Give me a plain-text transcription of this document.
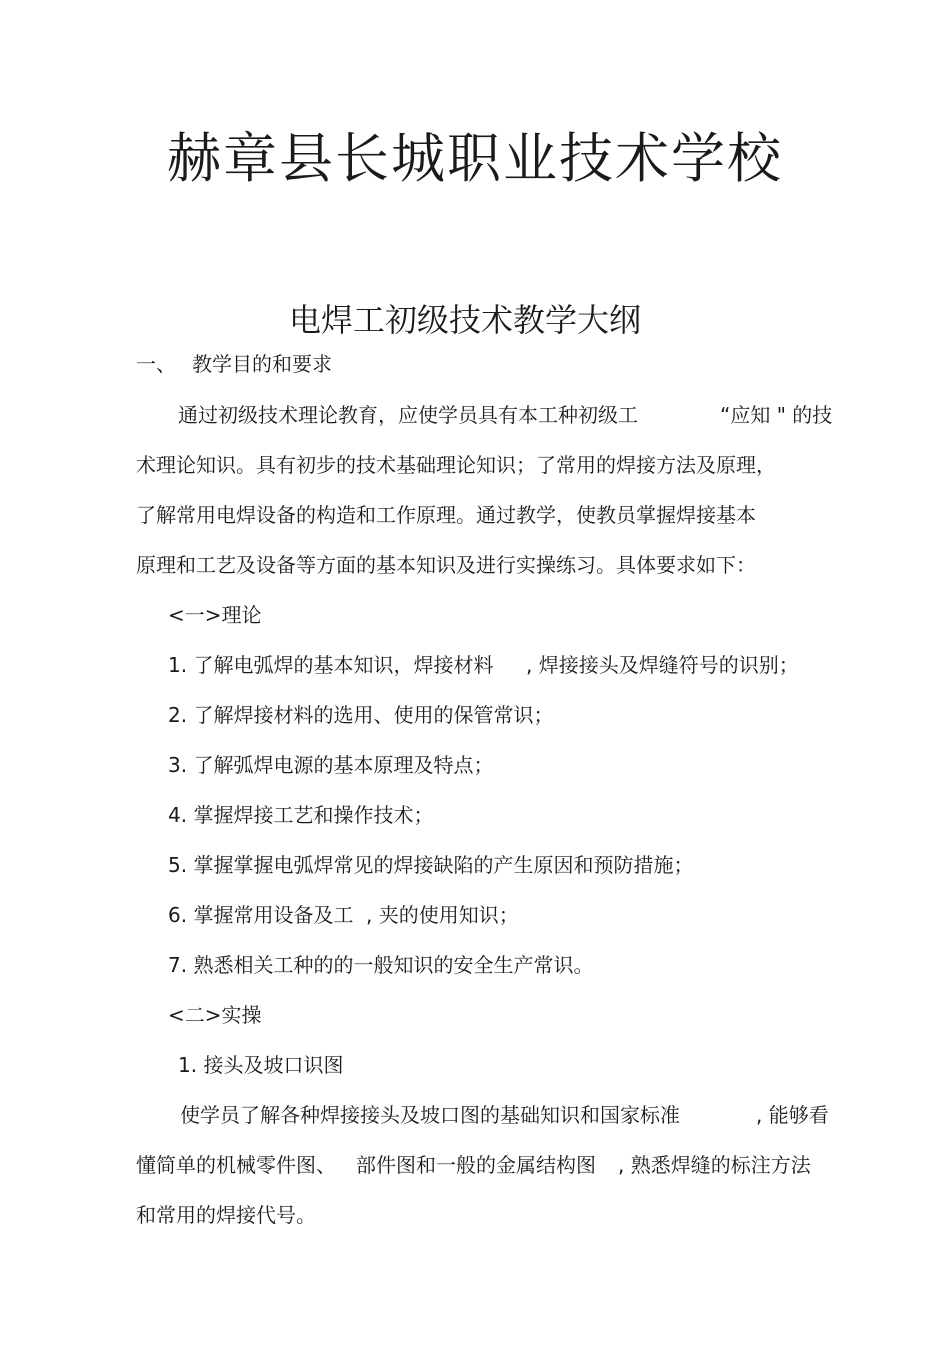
赫章县长城职业技术学校
电焊工初级技术教学大纲
一、 教学目的和要求
通过初级技术理论教育，应使学员具有本工种初级工	“应知 " 的技
术理论知识。具有初步的技术基础理论知识；了常用的焊接方法及原理，
了解常用电焊设备的构造和工作原理。通过教学，使教员掌握焊接基本
原理和工艺及设备等方面的基本知识及进行实操练习。具体要求如下：
<一>理论
1. 了解电弧焊的基本知识，焊接材料 , 焊接接头及焊缝符号的识别；
2. 了解焊接材料的选用、使用的保管常识；
3. 了解弧焊电源的基本原理及特点；
4. 掌握焊接工艺和操作技术；
5. 掌握掌握电弧焊常见的焊接缺陷的产生原因和预防措施；
6. 掌握常用设备及工 , 夹的使用知识；
7. 熟悉相关工种的的一般知识的安全生产常识。
<二>实操
1. 接头及坡口识图
使学员了解各种焊接接头及坡口图的基础知识和国家标准	, 能够看
懂简单的机械零件图、 部件图和一般的金属结构图 , 熟悉焊缝的标注方法
和常用的焊接代号。
